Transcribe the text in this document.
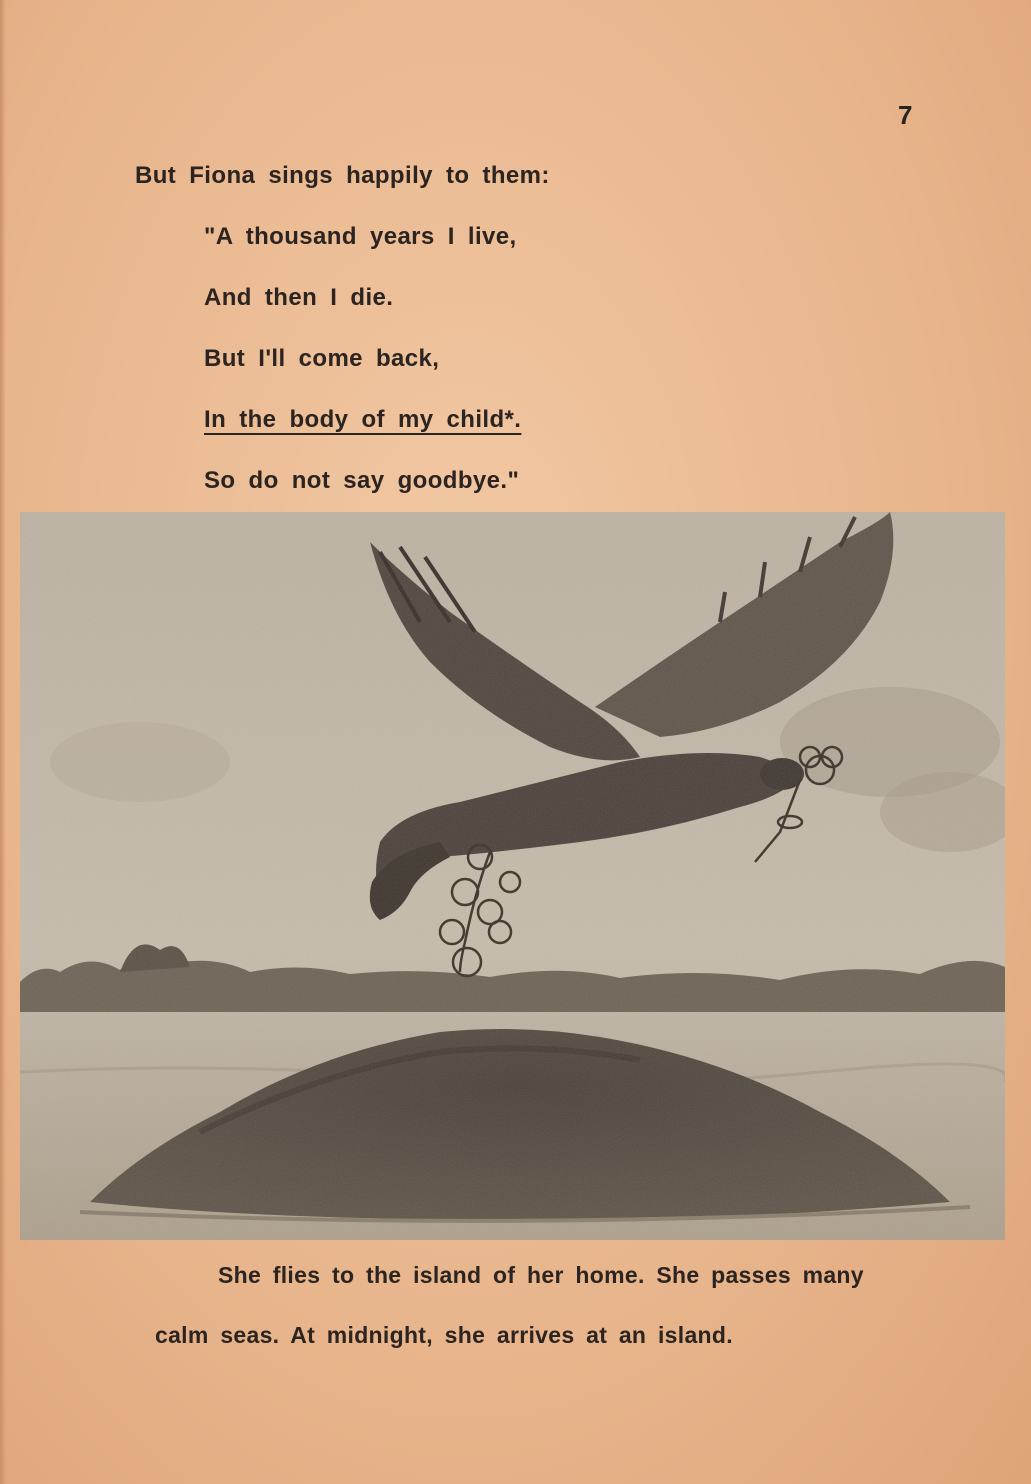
7
But Fiona sings happily to them:
"A thousand years I live,
And then I die.
But I'll come back,
In the body of my child*.
So do not say goodbye."
She flies to the island of her home. She passes many
calm seas. At midnight, she arrives at an island.
